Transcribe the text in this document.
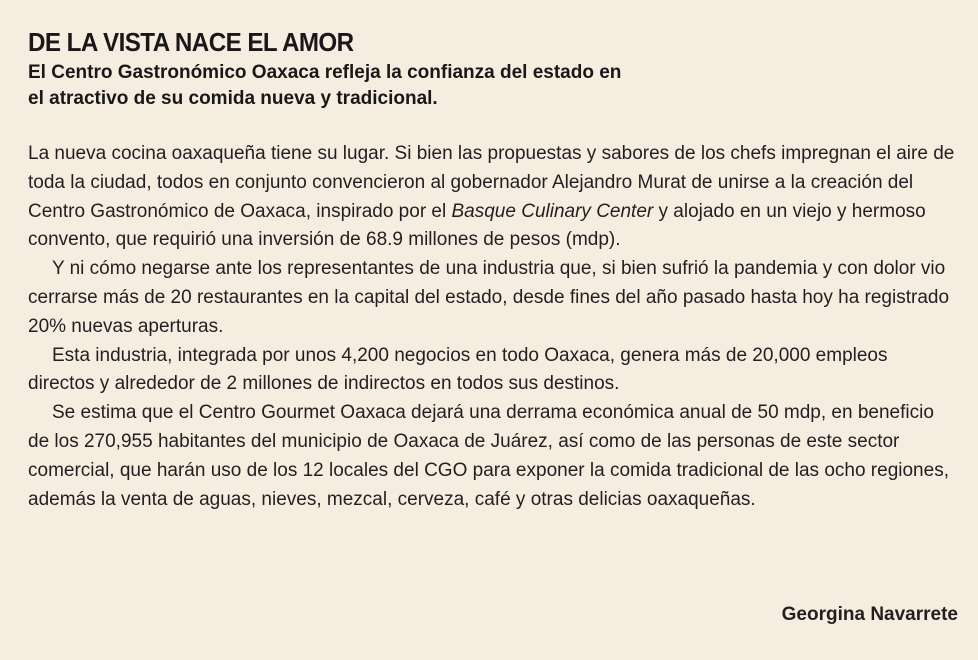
DE LA VISTA NACE EL AMOR

El Centro Gastronómico Oaxaca refleja la confianza del estado en el atractivo de su comida nueva y tradicional.

La nueva cocina oaxaqueña tiene su lugar. Si bien las propuestas y sabores de los chefs impregnan el aire de toda la ciudad, todos en conjunto convencieron al gobernador Alejandro Murat de unirse a la creación del Centro Gastronómico de Oaxaca, inspirado por el Basque Culinary Center y alojado en un viejo y hermoso convento, que requirió una inversión de 68.9 millones de pesos (mdp).

Y ni cómo negarse ante los representantes de una industria que, si bien sufrió la pandemia y con dolor vio cerrarse más de 20 restaurantes en la capital del estado, desde fines del año pasado hasta hoy ha registrado 20% nuevas aperturas.

Esta industria, integrada por unos 4,200 negocios en todo Oaxaca, genera más de 20,000 empleos directos y alrededor de 2 millones de indirectos en todos sus destinos.

Se estima que el Centro Gourmet Oaxaca dejará una derrama económica anual de 50 mdp, en beneficio de los 270,955 habitantes del municipio de Oaxaca de Juárez, así como de las personas de este sector comercial, que harán uso de los 12 locales del CGO para exponer la comida tradicional de las ocho regiones, además la venta de aguas, nieves, mezcal, cerveza, café y otras delicias oaxaqueñas.

Georgina Navarrete
